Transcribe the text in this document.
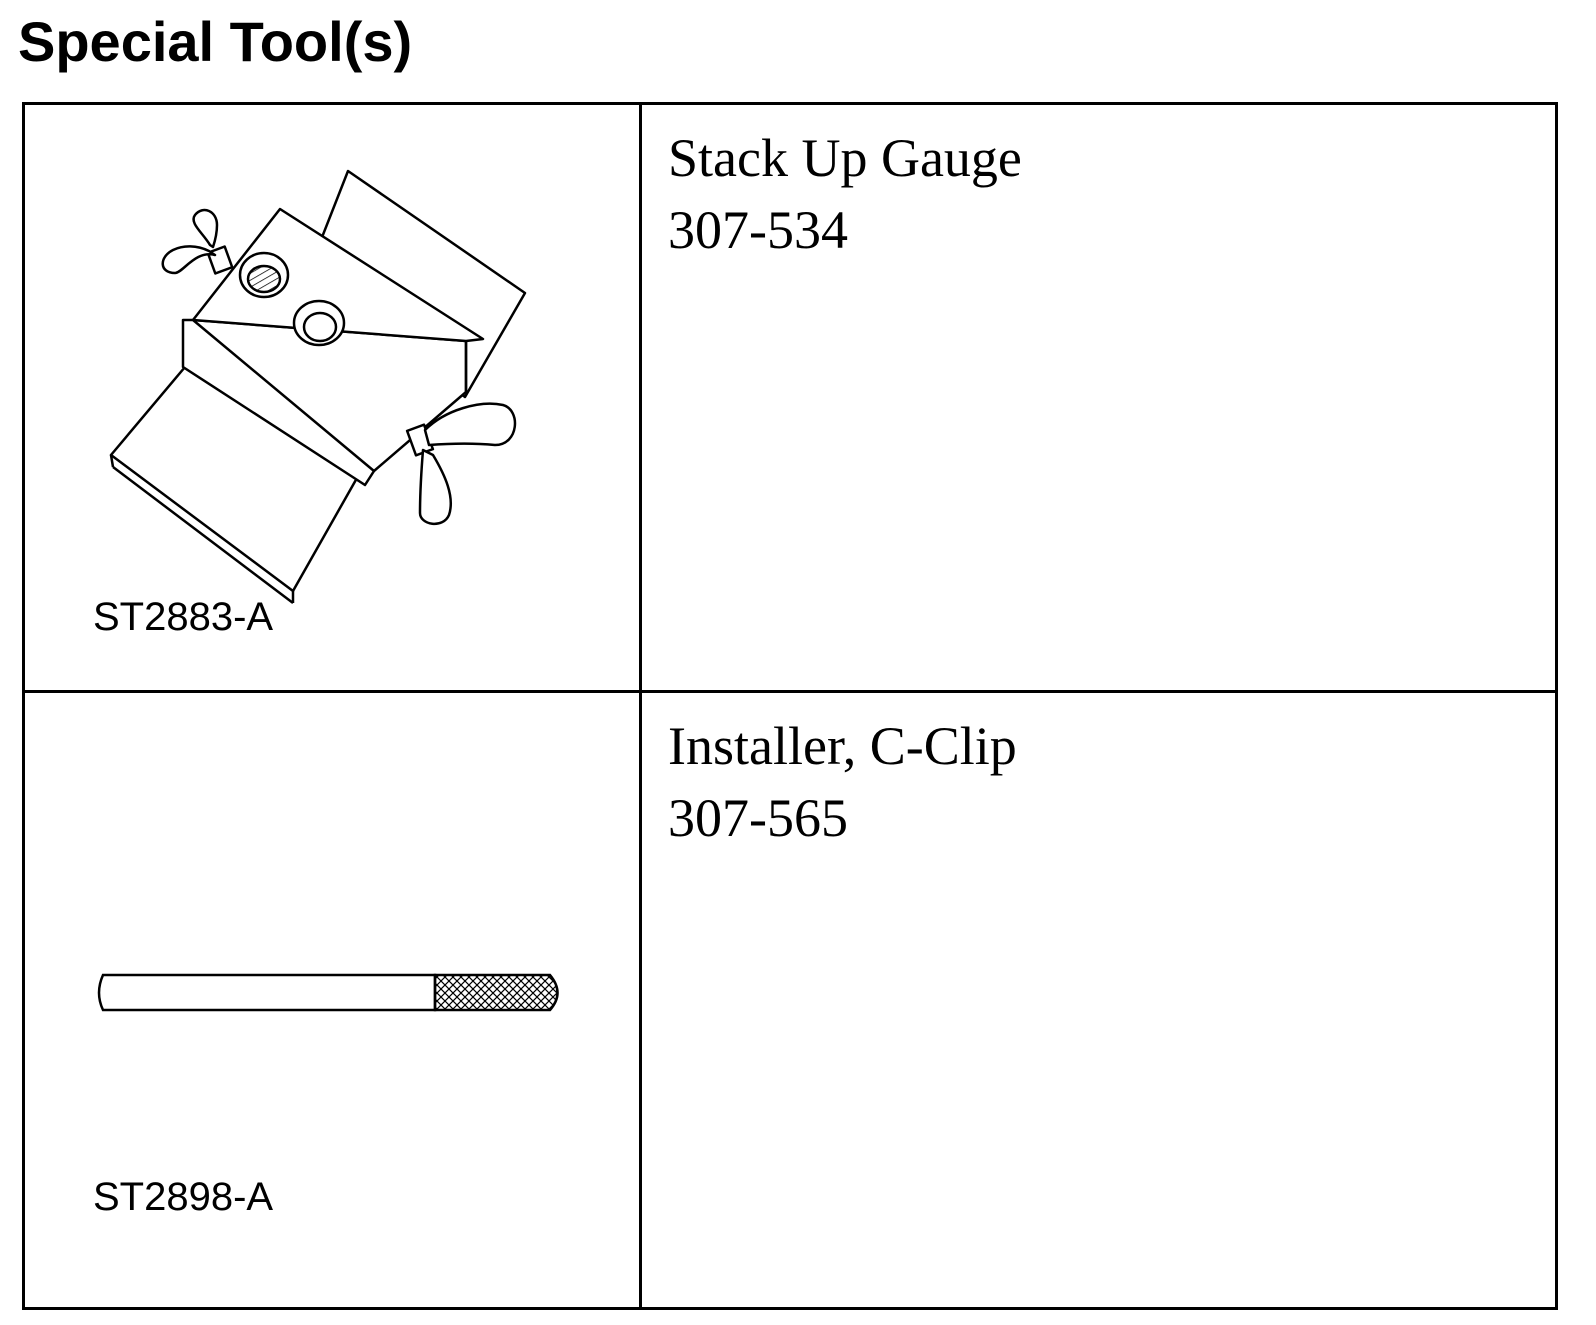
Special Tool(s)
ST2883-A
Stack Up Gauge
307-534
ST2898-A
Installer, C-Clip
307-565
